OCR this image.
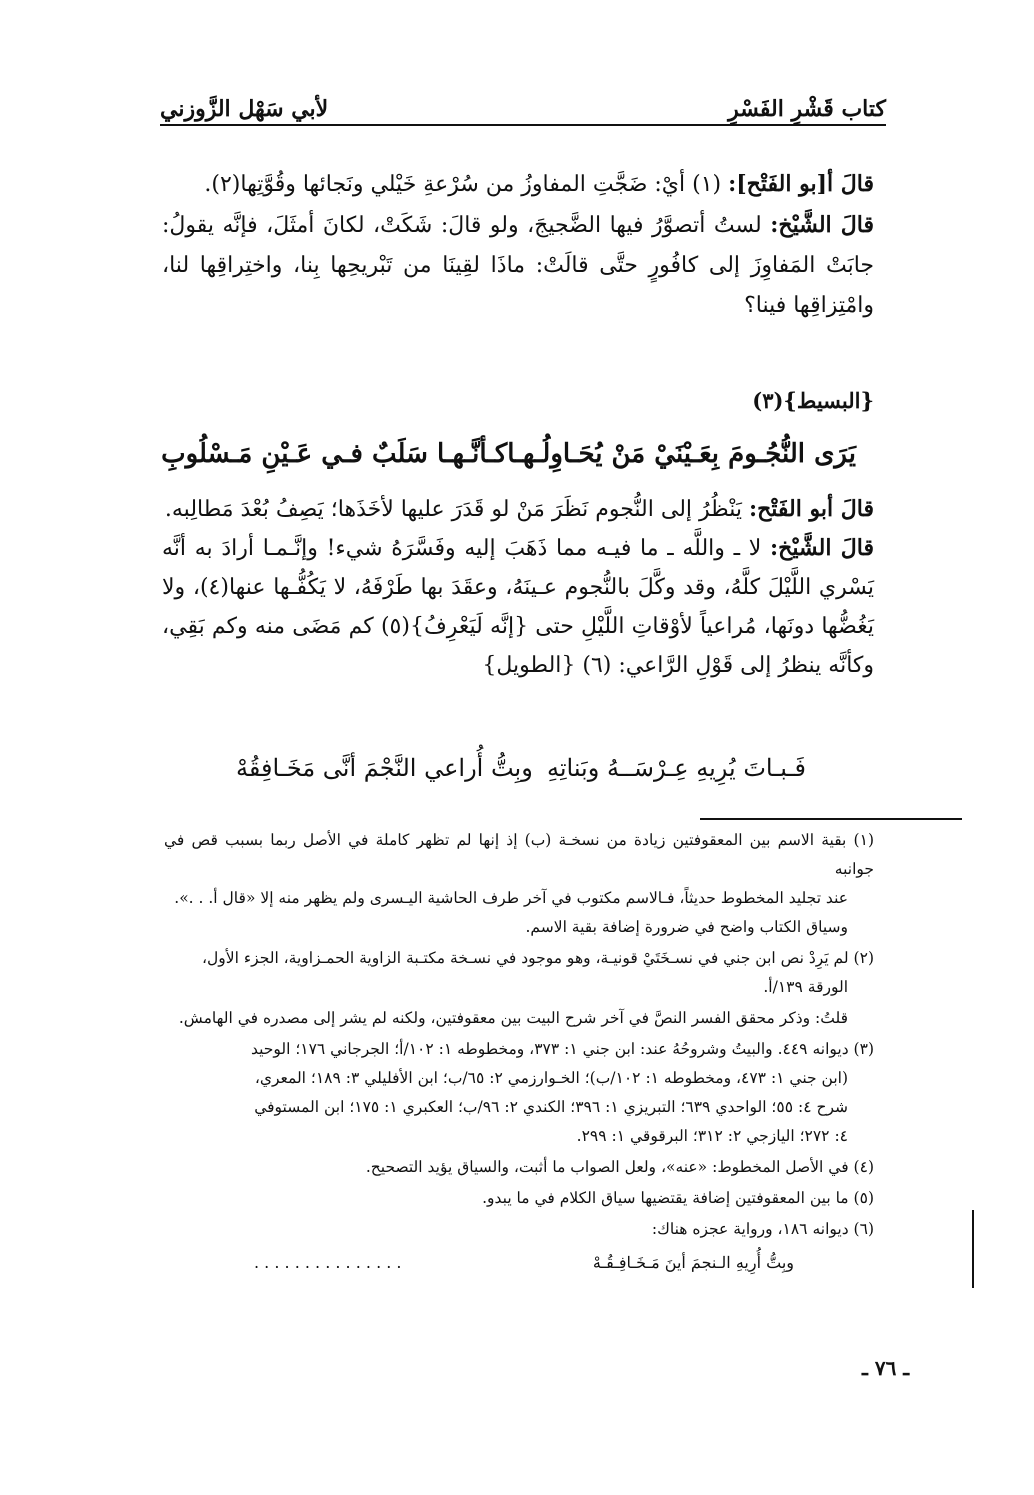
كتاب قَشْرِ الفَسْرِ
لأبي سَهْل الزَّوزني

قالَ أ[بو الفَتْح]: (١) أيْ: ضَجَّتِ المفاوزُ من سُرْعةِ خَيْلي ونَجائها وقُوَّتِها(٢).

قالَ الشَّيْخ: لستُ أتصوَّرُ فيها الضَّجيجَ، ولو قالَ: شَكَتْ، لكانَ أمثَلَ، فإنَّه يقولُ: جابَتْ المَفاوِزَ إلى كافُورٍ حتَّى قالَتْ: ماذَا لقِينَا من تَبْريحِها بِنا، واختِراقِها لنا، وامْتِزاقِها فينا؟

{البسيط}(٣)
يَرَى النُّجُـومَ بِعَـيْنَيْ مَنْ يُحَـاوِلُـهـا
كـأنَّـهـا سَلَبٌ فـي عَـيْنِ مَـسْلُوبِ

قالَ أبو الفَتْح: يَنْظُرُ إلى النُّجوم نَظَرَ مَنْ لو قَدَرَ عليها لأخَذَها؛ يَصِفُ بُعْدَ مَطالِبه.

قالَ الشَّيْخ: لا ـ واللَّه ـ ما فيـه مما ذَهَبَ إليه وفَسَّرَهُ شيء! وإنَّـمـا أرادَ به أنَّه يَسْري اللَّيْلَ كلَّهُ، وقد وكَّلَ بالنُّجوم عـينَهُ، وعقَدَ بها طَرْفَهُ، لا يَكُفُّـها عنها(٤)، ولا يَغُضُّها دونَها، مُراعياً لأوْقاتِ اللَّيْلِ حتى {إنَّه لَيَعْرِفُ}(٥) كم مَضَى منه وكم بَقِي، وكأنَّه ينظرُ إلى قَوْلِ الرَّاعي: (٦) {الطويل}

فَـبـاتَ يُرِيهِ عِـرْسَــهُ وبَناتِهِ
وبِتُّ أُراعي النَّجْمَ أنَّى مَخَـافِقُهْ
(١) بقية الاسم بين المعقوفتين زيادة من نسخـة (ب) إذ إنها لم تظهر كاملة في الأصل ربما بسبب قص في جوانبه
عند تجليد المخطوط حديثاً، فـالاسم مكتوب في آخر طرف الحاشية اليـسرى ولم يظهر منه إلا «قال أ. . .».
وسياق الكتاب واضح في ضرورة إضافة بقية الاسم.
(٢) لم يَرِدْ نص ابن جني في نسـخَتَيْ قونيـة، وهو موجود في نسـخة مكتـبة الزاوية الحمـزاوية، الجزء الأول،
الورقة ١٣٩/أ.
قلتُ: وذكر محقق الفسر النصَّ في آخر شرح البيت بين معقوفتين، ولكنه لم يشر إلى مصدره في الهامش.
(٣) ديوانه ٤٤٩. والبيتُ وشروحُهُ عند: ابن جني ١: ٣٧٣، ومخطوطه ١: ١٠٢/أ؛ الجرجاني ١٧٦؛ الوحيد
(ابن جني ١: ٤٧٣، ومخطوطه ١: ١٠٢/ب)؛ الخـوارزمي ٢: ٦٥/ب؛ ابن الأفليلي ٣: ١٨٩؛ المعري،
شرح ٤: ٥٥؛ الواحدي ٦٣٩؛ التبريزي ١: ٣٩٦؛ الكندي ٢: ٩٦/ب؛ العكبري ١: ١٧٥؛ ابن المستوفي
٤: ٢٧٢؛ اليازجي ٢: ٣١٢؛ البرقوقي ١: ٢٩٩.
(٤) في الأصل المخطوط: «عنه»، ولعل الصواب ما أثبت، والسياق يؤيد التصحيح.
(٥) ما بين المعقوفتين إضافة يقتضيها سياق الكلام في ما يبدو.
(٦) ديوانه ١٨٦، ورواية عجزه هناك:
وبِتُّ أُرِيهِ الـنجمَ أينَ مَـخَـافِـقُـهْ
. . . . . . . . . . . . . . .
ـ ٧٦ ـ
